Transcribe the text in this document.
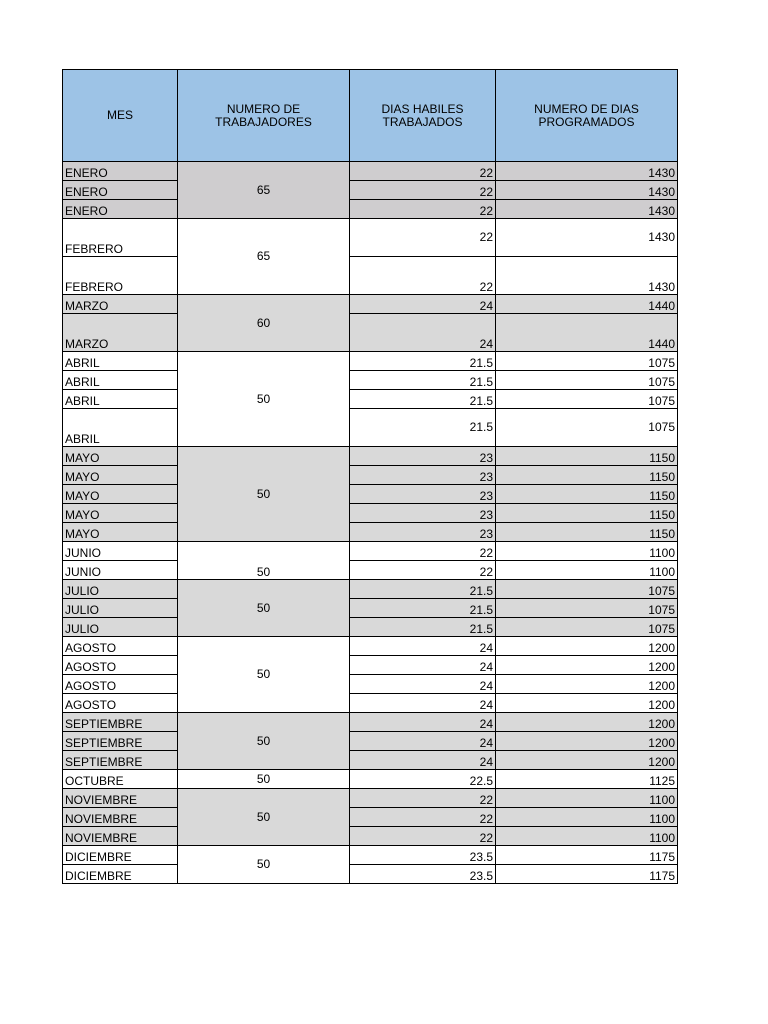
MES	NUMERO DE TRABAJADORES	DIAS HABILES TRABAJADOS	NUMERO DE DIAS PROGRAMADOS
ENERO	65	22	1430
ENERO		22	1430
ENERO		22	1430
FEBRERO	65	22	1430
FEBRERO		22	1430
MARZO	60	24	1440
MARZO		24	1440
ABRIL	50	21.5	1075
ABRIL		21.5	1075
ABRIL		21.5	1075
ABRIL		21.5	1075
MAYO	50	23	1150
MAYO		23	1150
MAYO		23	1150
MAYO		23	1150
MAYO		23	1150
JUNIO	50	22	1100
JUNIO		22	1100
JULIO	50	21.5	1075
JULIO		21.5	1075
JULIO		21.5	1075
AGOSTO	50	24	1200
AGOSTO		24	1200
AGOSTO		24	1200
AGOSTO		24	1200
SEPTIEMBRE	50	24	1200
SEPTIEMBRE		24	1200
SEPTIEMBRE		24	1200
OCTUBRE	50	22.5	1125
NOVIEMBRE	50	22	1100
NOVIEMBRE		22	1100
NOVIEMBRE		22	1100
DICIEMBRE	50	23.5	1175
DICIEMBRE		23.5	1175
